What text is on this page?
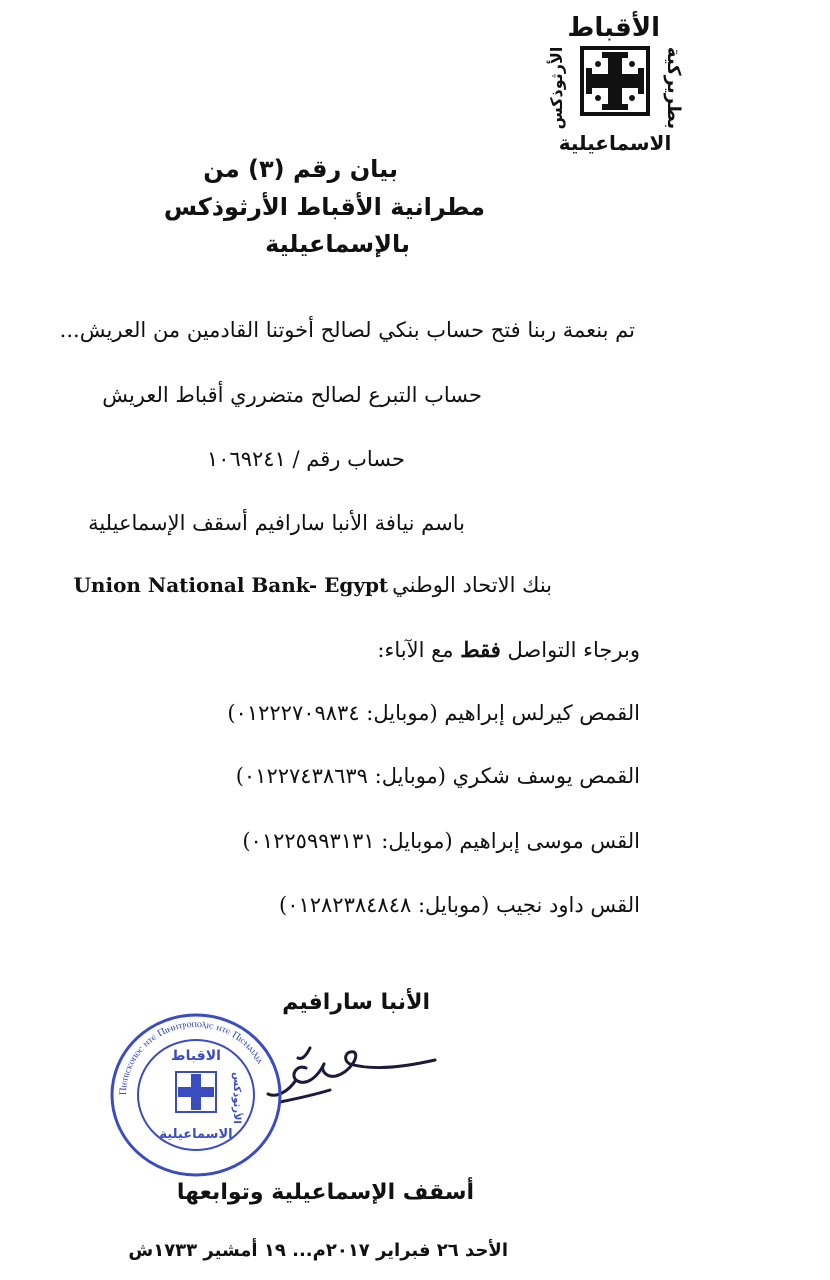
الأقباط
بطريركية
الأرثوذكس
الاسماعيلية
بيان رقم (٣) من
مطرانية الأقباط الأرثوذكس
بالإسماعيلية
تم بنعمة ربنا فتح حساب بنكي لصالح أخوتنا القادمين من العريش...
حساب التبرع لصالح متضرري أقباط العريش
حساب رقم / ١٠٦٩٢٤١
باسم نيافة الأنبا سارافيم أسقف الإسماعيلية
بنك الاتحاد الوطني Union National Bank- Egypt
وبرجاء التواصل فقط مع الآباء:
القمص كيرلس إبراهيم (موبايل: ٠١٢٢٢٧٠٩٨٣٤)
القمص يوسف شكري (موبايل: ٠١٢٢٧٤٣٨٦٣٩)
القس موسى إبراهيم (موبايل: ٠١٢٢٥٩٩٣١٣١)
القس داود نجيب (موبايل: ٠١٢٨٢٣٨٤٨٤٨)
الأنبا سارافيم
Ⲡⲓⲉⲡⲓⲥⲕⲟⲡⲟⲥ ⲛⲧⲉ Ⲡⲓⲙⲏⲧⲣⲟⲡⲟⲗⲓⲥ ⲛⲧⲉ Ⲡⲓⲥⲙⲁⲓⲗⲓⲁ
الاقباط
الأرثوذكس
الاسماعيلية
أسقف الإسماعيلية وتوابعها
الأحد ٢٦ فبراير ٢٠١٧م... ١٩ أمشير ١٧٣٣ش
